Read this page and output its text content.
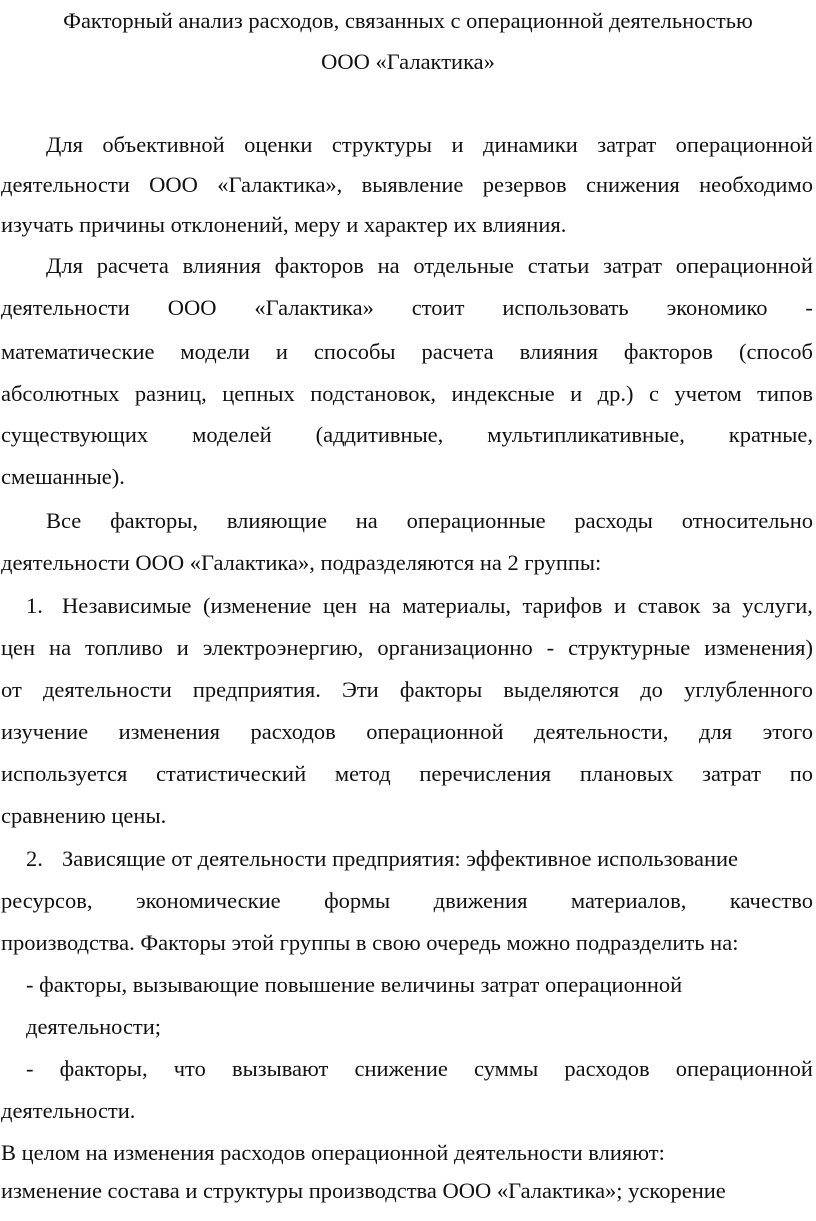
Факторный анализ расходов, связанных с операционной деятельностью
ООО «Галактика»
Для объективной оценки структуры и динамики затрат операционной
деятельности ООО «Галактика», выявление резервов снижения необходимо
изучать причины отклонений, меру и характер их влияния.
Для расчета влияния факторов на отдельные статьи затрат операционной
деятельности ООО «Галактика» стоит использовать экономико -
математические модели и способы расчета влияния факторов (способ
абсолютных разниц, цепных подстановок, индексные и др.) с учетом типов
существующих моделей (аддитивные, мультипликативные, кратные,
смешанные).
Все факторы, влияющие на операционные расходы относительно
деятельности ООО «Галактика», подразделяются на 2 группы:
1. Независимые (изменение цен на материалы, тарифов и ставок за услуги,
цен на топливо и электроэнергию, организационно - структурные изменения)
от деятельности предприятия. Эти факторы выделяются до углубленного
изучение изменения расходов операционной деятельности, для этого
используется статистический метод перечисления плановых затрат по
сравнению цены.
2. Зависящие от деятельности предприятия: эффективное использование
ресурсов, экономические формы движения материалов, качество
производства. Факторы этой группы в свою очередь можно подразделить на:
- факторы, вызывающие повышение величины затрат операционной
деятельности;
- факторы, что вызывают снижение суммы расходов операционной
деятельности.
В целом на изменения расходов операционной деятельности влияют:
изменение состава и структуры производства ООО «Галактика»; ускорение
